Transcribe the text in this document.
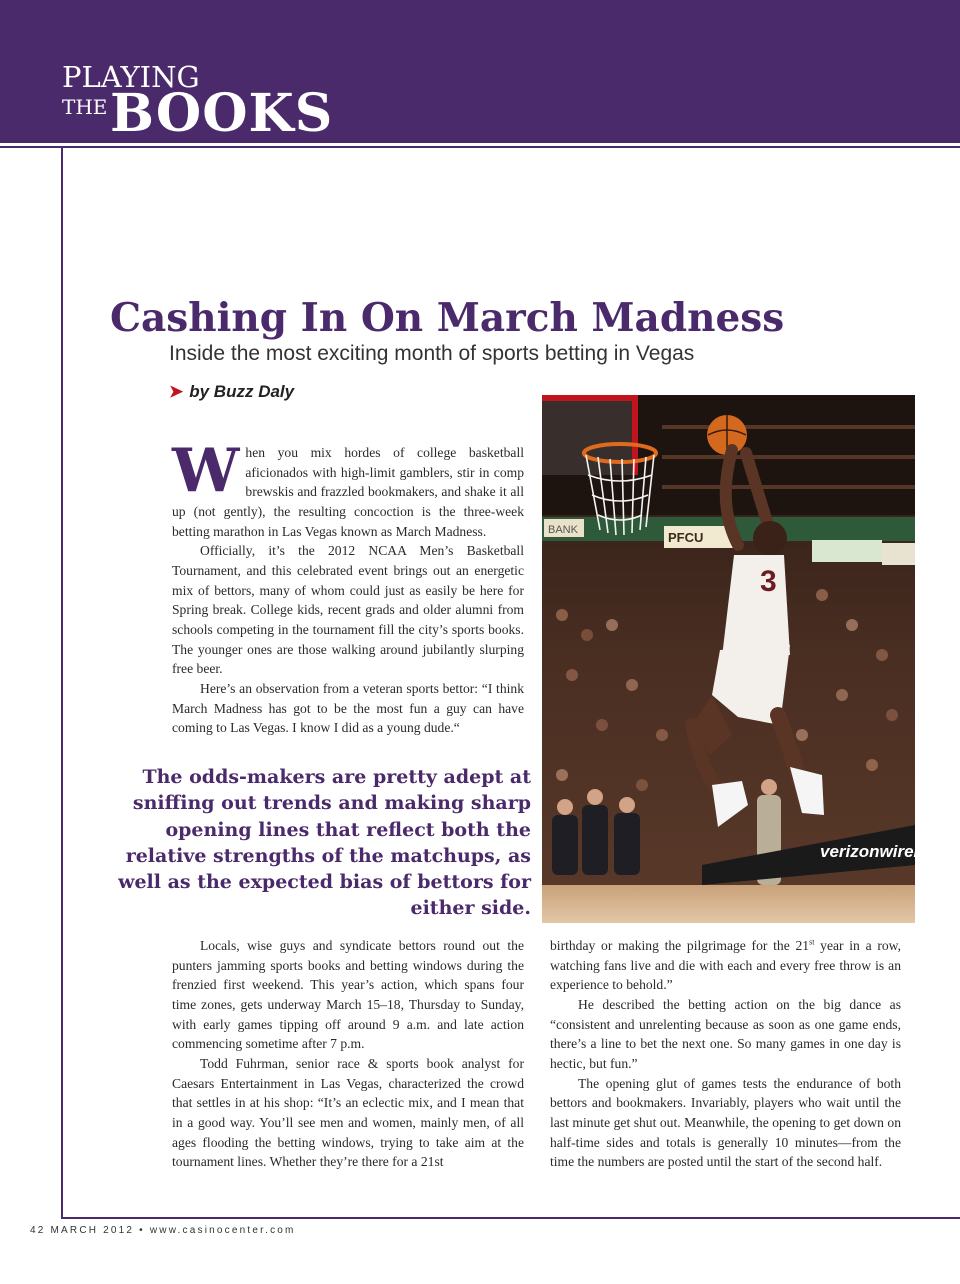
PLAYING
THE BOOKS
Cashing In On March Madness
Inside the most exciting month of sports betting in Vegas
➤ by Buzz Daly

When you mix hordes of college basketball aficionados with high-limit gamblers, stir in comp brewskis and frazzled bookmakers, and shake it all up (not gently), the resulting concoction is the three-week betting marathon in Las Vegas known as March Madness.

Officially, it’s the 2012 NCAA Men’s Basketball Tournament, and this celebrated event brings out an energetic mix of bettors, many of whom could just as easily be here for Spring break. College kids, recent grads and older alumni from schools competing in the tournament fill the city’s sports books. The younger ones are those walking around jubilantly slurping free beer.

Here’s an observation from a veteran sports bettor: “I think March Madness has got to be the most fun a guy can have coming to Las Vegas. I know I did as a young dude.“

The odds-makers are pretty adept at sniffing out trends and making sharp opening lines that reflect both the relative strengths of the matchups, as well as the expected bias of bettors for either side.
BANK	PFCU
verizonwirele
3

Locals, wise guys and syndicate bettors round out the punters jamming sports books and betting windows during the frenzied first weekend. This year’s action, which spans four time zones, gets underway March 15–18, Thursday to Sunday, with early games tipping off around 9 a.m. and late action commencing sometime after 7 p.m.

Todd Fuhrman, senior race & sports book analyst for Caesars Entertainment in Las Vegas, characterized the crowd that settles in at his shop: “It’s an eclectic mix, and I mean that in a good way. You’ll see men and women, mainly men, of all ages flooding the betting windows, trying to take aim at the tournament lines. Whether they’re there for a 21st

birthday or making the pilgrimage for the 21st year in a row, watching fans live and die with each and every free throw is an experience to behold.”

He described the betting action on the big dance as “consistent and unrelenting because as soon as one game ends, there’s a line to bet the next one. So many games in one day is hectic, but fun.”

The opening glut of games tests the endurance of both bettors and bookmakers. Invariably, players who wait until the last minute get shut out. Meanwhile, the opening to get down on half-time sides and totals is generally 10 minutes—from the time the numbers are posted until the start of the second half.

42 MARCH 2012 • www.casinocenter.com
